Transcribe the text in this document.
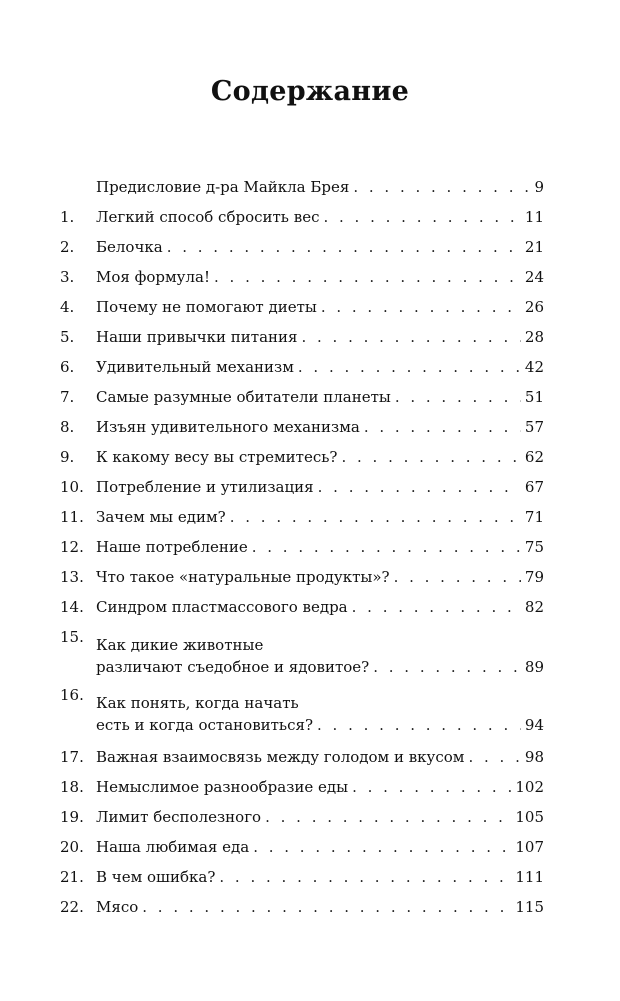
Содержание
Предисловие д-ра Майкла Брея . . .	9
1.	Легкий способ сбросить вес . . .	11
2.	Белочка . . .	21
3.	Моя формула! . . .	24
4.	Почему не помогают диеты . . .	26
5.	Наши привычки питания . . .	28
6.	Удивительный механизм . . .	42
7.	Самые разумные обитатели планеты . . .	51
8.	Изъян удивительного механизма . . .	57
9.	К какому весу вы стремитесь? . . .	62
10. Потребление и утилизация . . .	67
11. Зачем мы едим? . . .	71
12. Наше потребление . . .	75
13. Что такое «натуральные продукты»? . . .	79
14. Синдром пластмассового ведра . . .	82
15. Как дикие животные
различают съедобное и ядовитое? . . .	89
16. Как понять, когда начать
есть и когда остановиться? . . .	94
17. Важная взаимосвязь между голодом и вкусом . . .	98
18. Немыслимое разнообразие еды . . .	102
19. Лимит бесполезного . . .	105
20. Наша любимая еда . . .	107
21. В чем ошибка? . . .	111
22. Мясо . . .	115
